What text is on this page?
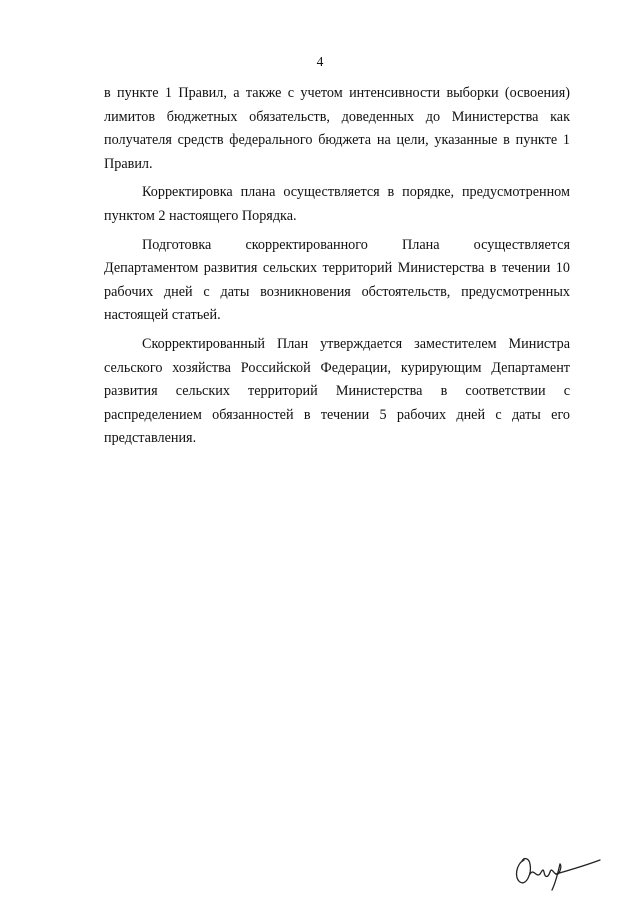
4

в пункте 1 Правил, а также с учетом интенсивности выборки (освоения) лимитов бюджетных обязательств, доведенных до Министерства как получателя средств федерального бюджета на цели, указанные в пункте 1 Правил.

Корректировка плана осуществляется в порядке, предусмотренном пунктом 2 настоящего Порядка.

Подготовка скорректированного Плана осуществляется Департаментом развития сельских территорий Министерства в течении 10 рабочих дней с даты возникновения обстоятельств, предусмотренных настоящей статьей.

Скорректированный План утверждается заместителем Министра сельского хозяйства Российской Федерации, курирующим Департамент развития сельских территорий Министерства в соответствии с распределением обязанностей в течении 5 рабочих дней с даты его представления.
